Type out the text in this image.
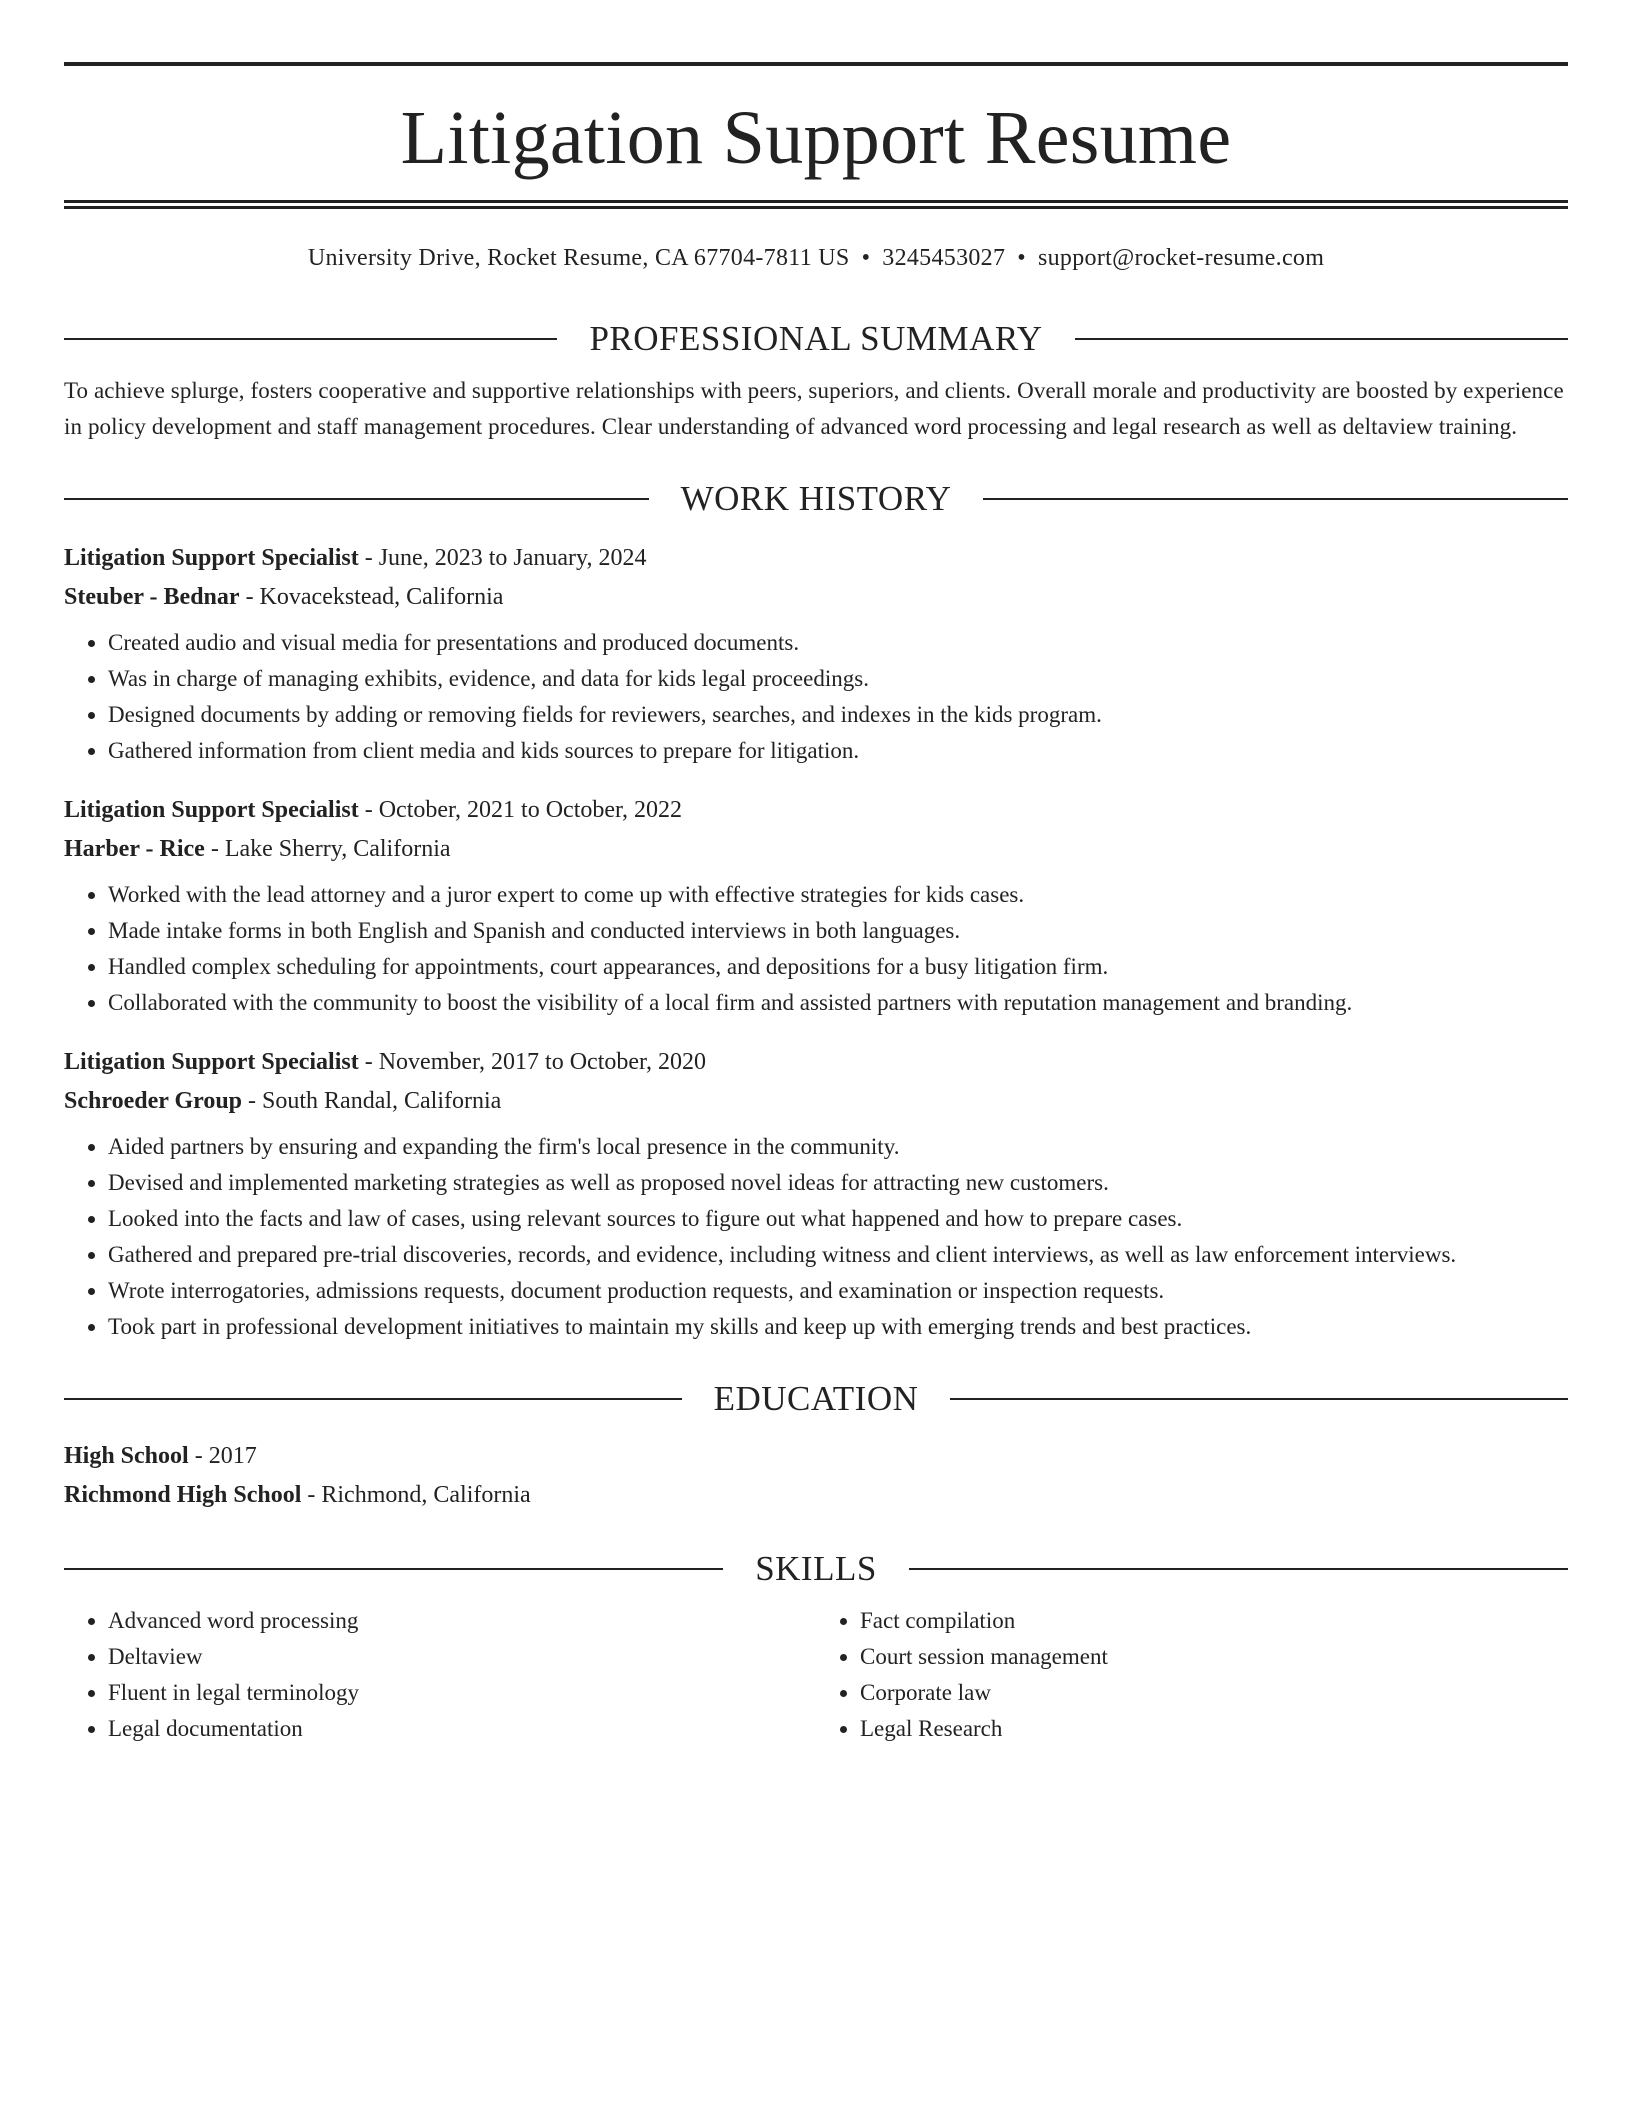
Litigation Support Resume
University Drive, Rocket Resume, CA 67704-7811 US • 3245453027 • support@rocket-resume.com
PROFESSIONAL SUMMARY
To achieve splurge, fosters cooperative and supportive relationships with peers, superiors, and clients. Overall morale and productivity are boosted by experience in policy development and staff management procedures. Clear understanding of advanced word processing and legal research as well as deltaview training.
WORK HISTORY
Litigation Support Specialist - June, 2023 to January, 2024
Steuber - Bednar - Kovacekstead, California
• Created audio and visual media for presentations and produced documents.
• Was in charge of managing exhibits, evidence, and data for kids legal proceedings.
• Designed documents by adding or removing fields for reviewers, searches, and indexes in the kids program.
• Gathered information from client media and kids sources to prepare for litigation.
Litigation Support Specialist - October, 2021 to October, 2022
Harber - Rice - Lake Sherry, California
• Worked with the lead attorney and a juror expert to come up with effective strategies for kids cases.
• Made intake forms in both English and Spanish and conducted interviews in both languages.
• Handled complex scheduling for appointments, court appearances, and depositions for a busy litigation firm.
• Collaborated with the community to boost the visibility of a local firm and assisted partners with reputation management and branding.
Litigation Support Specialist - November, 2017 to October, 2020
Schroeder Group - South Randal, California
• Aided partners by ensuring and expanding the firm's local presence in the community.
• Devised and implemented marketing strategies as well as proposed novel ideas for attracting new customers.
• Looked into the facts and law of cases, using relevant sources to figure out what happened and how to prepare cases.
• Gathered and prepared pre-trial discoveries, records, and evidence, including witness and client interviews, as well as law enforcement interviews.
• Wrote interrogatories, admissions requests, document production requests, and examination or inspection requests.
• Took part in professional development initiatives to maintain my skills and keep up with emerging trends and best practices.
EDUCATION
High School - 2017
Richmond High School - Richmond, California
SKILLS
• Advanced word processing
• Deltaview
• Fluent in legal terminology
• Legal documentation
• Fact compilation
• Court session management
• Corporate law
• Legal Research
